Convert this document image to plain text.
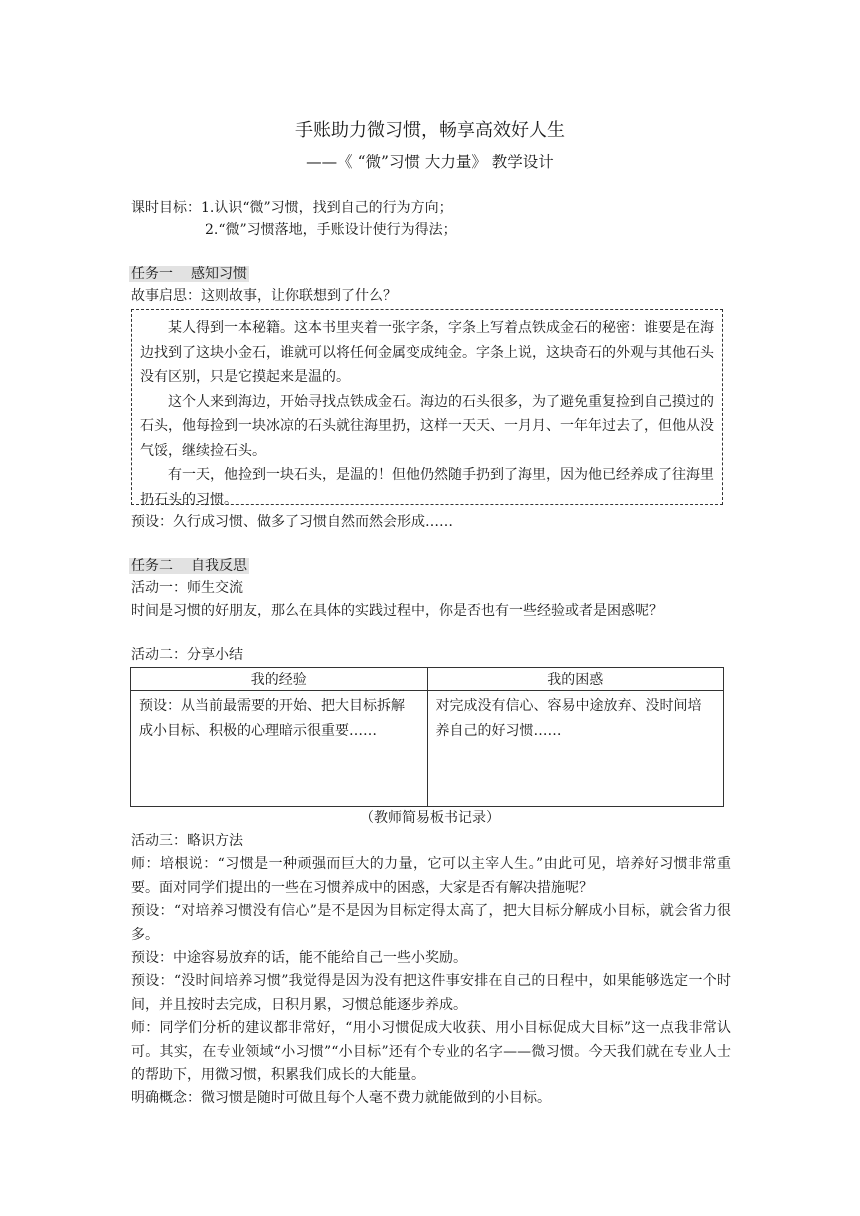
手账助力微习惯，畅享高效好人生
——《 “微”习惯 大力量》 教学设计
课时目标：1.认识“微”习惯，找到自己的行为方向；
2.“微”习惯落地，手账设计使行为得法；
任务一 感知习惯
故事启思：这则故事，让你联想到了什么？

某人得到一本秘籍。这本书里夹着一张字条，字条上写着点铁成金石的秘密：谁要是在海边找到了这块小金石，谁就可以将任何金属变成纯金。字条上说，这块奇石的外观与其他石头没有区别，只是它摸起来是温的。

这个人来到海边，开始寻找点铁成金石。海边的石头很多，为了避免重复捡到自己摸过的石头，他每捡到一块冰凉的石头就往海里扔，这样一天天、一月月、一年年过去了，但他从没气馁，继续捡石头。

有一天，他捡到一块石头，是温的！但他仍然随手扔到了海里，因为他已经养成了往海里扔石头的习惯。

预设：久行成习惯、做多了习惯自然而然会形成……
任务二 自我反思
活动一：师生交流
时间是习惯的好朋友，那么在具体的实践过程中，你是否也有一些经验或者是困惑呢？
活动二：分享小结
我的经验	我的困惑
预设：从当前最需要的开始、把大目标拆解成小目标、积极的心理暗示很重要……	对完成没有信心、容易中途放弃、没时间培养自己的好习惯……
（教师简易板书记录）
活动三：略识方法
师：培根说：“习惯是一种顽强而巨大的力量，它可以主宰人生。”由此可见，培养好习惯非常重要。面对同学们提出的一些在习惯养成中的困惑，大家是否有解决措施呢？
预设：“对培养习惯没有信心”是不是因为目标定得太高了，把大目标分解成小目标，就会省力很多。
预设：中途容易放弃的话，能不能给自己一些小奖励。
预设：“没时间培养习惯”我觉得是因为没有把这件事安排在自己的日程中，如果能够选定一个时间，并且按时去完成，日积月累，习惯总能逐步养成。
师：同学们分析的建议都非常好，“用小习惯促成大收获、用小目标促成大目标”这一点我非常认可。其实，在专业领域“小习惯”“小目标”还有个专业的名字——微习惯。今天我们就在专业人士的帮助下，用微习惯，积累我们成长的大能量。
明确概念：微习惯是随时可做且每个人毫不费力就能做到的小目标。
